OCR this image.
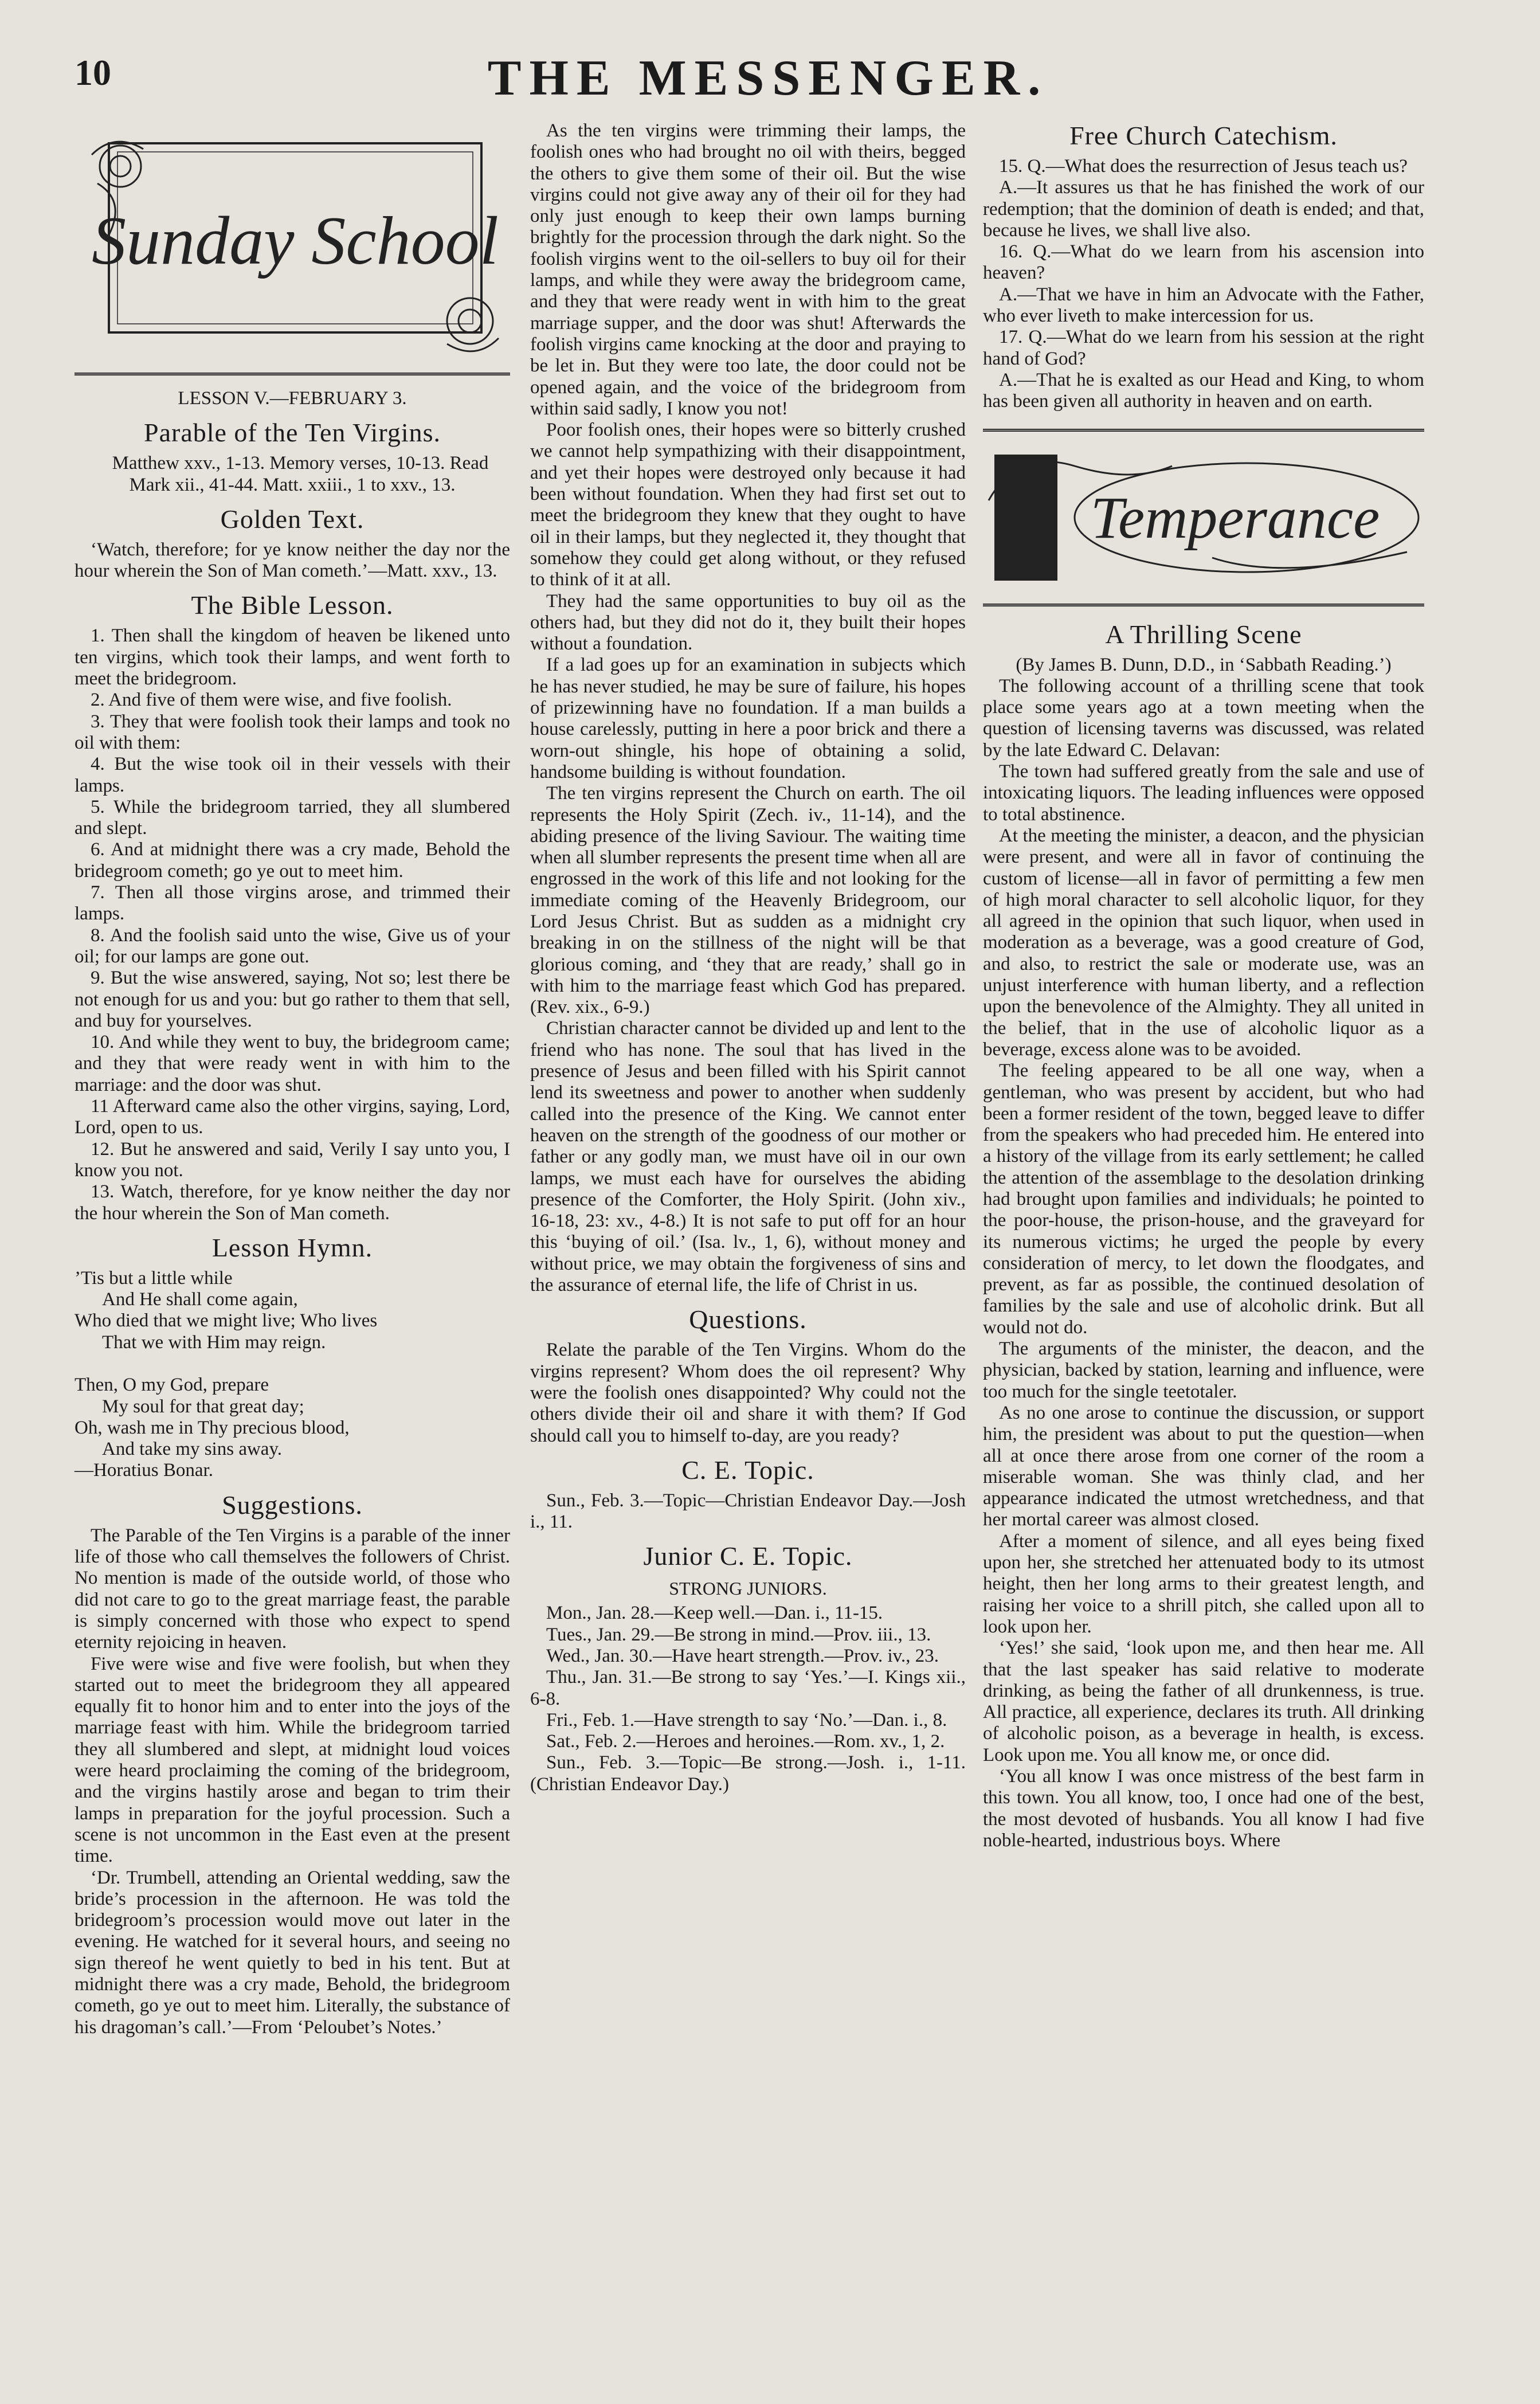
10	THE MESSENGER.
Sunday School

LESSON V.—FEBRUARY 3.

Parable of the Ten Virgins.

Matthew xxv., 1-13. Memory verses, 10-13. Read Mark xii., 41-44. Matt. xxiii., 1 to xxv., 13.

Golden Text.

‘Watch, therefore; for ye know neither the day nor the hour wherein the Son of Man cometh.’—Matt. xxv., 13.

The Bible Lesson.

1. Then shall the kingdom of heaven be likened unto ten virgins, which took their lamps, and went forth to meet the bridegroom.

2. And five of them were wise, and five foolish.

3. They that were foolish took their lamps and took no oil with them:

4. But the wise took oil in their vessels with their lamps.

5. While the bridegroom tarried, they all slumbered and slept.

6. And at midnight there was a cry made, Behold the bridegroom cometh; go ye out to meet him.

7. Then all those virgins arose, and trimmed their lamps.

8. And the foolish said unto the wise, Give us of your oil; for our lamps are gone out.

9. But the wise answered, saying, Not so; lest there be not enough for us and you: but go rather to them that sell, and buy for yourselves.

10. And while they went to buy, the bridegroom came; and they that were ready went in with him to the marriage: and the door was shut.

11 Afterward came also the other virgins, saying, Lord, Lord, open to us.

12. But he answered and said, Verily I say unto you, I know you not.

13. Watch, therefore, for ye know neither the day nor the hour wherein the Son of Man cometh.

Lesson Hymn.

’Tis but a little while

And He shall come again,

Who died that we might live; Who lives

That we with Him may reign.

Then, O my God, prepare

My soul for that great day;

Oh, wash me in Thy precious blood,

And take my sins away.

—Horatius Bonar.

Suggestions.

The Parable of the Ten Virgins is a parable of the inner life of those who call themselves the followers of Christ. No mention is made of the outside world, of those who did not care to go to the great marriage feast, the parable is simply concerned with those who expect to spend eternity rejoicing in heaven.

Five were wise and five were foolish, but when they started out to meet the bridegroom they all appeared equally fit to honor him and to enter into the joys of the marriage feast with him. While the bridegroom tarried they all slumbered and slept, at midnight loud voices were heard proclaiming the coming of the bridegroom, and the virgins hastily arose and began to trim their lamps in preparation for the joyful procession. Such a scene is not uncommon in the East even at the present time.

‘Dr. Trumbell, attending an Oriental wedding, saw the bride’s procession in the afternoon. He was told the bridegroom’s procession would move out later in the evening. He watched for it several hours, and seeing no sign thereof he went quietly to bed in his tent. But at midnight there was a cry made, Behold, the bridegroom cometh, go ye out to meet him. Literally, the substance of his dragoman’s call.’—From ‘Peloubet’s Notes.’

As the ten virgins were trimming their lamps, the foolish ones who had brought no oil with theirs, begged the others to give them some of their oil. But the wise virgins could not give away any of their oil for they had only just enough to keep their own lamps burning brightly for the procession through the dark night. So the foolish virgins went to the oil-sellers to buy oil for their lamps, and while they were away the bridegroom came, and they that were ready went in with him to the great marriage supper, and the door was shut! Afterwards the foolish virgins came knocking at the door and praying to be let in. But they were too late, the door could not be opened again, and the voice of the bridegroom from within said sadly, I know you not!

Poor foolish ones, their hopes were so bitterly crushed we cannot help sympathizing with their disappointment, and yet their hopes were destroyed only because it had been without foundation. When they had first set out to meet the bridegroom they knew that they ought to have oil in their lamps, but they neglected it, they thought that somehow they could get along without, or they refused to think of it at all.

They had the same opportunities to buy oil as the others had, but they did not do it, they built their hopes without a foundation.

If a lad goes up for an examination in subjects which he has never studied, he may be sure of failure, his hopes of prizewinning have no foundation. If a man builds a house carelessly, putting in here a poor brick and there a worn-out shingle, his hope of obtaining a solid, handsome building is without foundation.

The ten virgins represent the Church on earth. The oil represents the Holy Spirit (Zech. iv., 11-14), and the abiding presence of the living Saviour. The waiting time when all slumber represents the present time when all are engrossed in the work of this life and not looking for the immediate coming of the Heavenly Bridegroom, our Lord Jesus Christ. But as sudden as a midnight cry breaking in on the stillness of the night will be that glorious coming, and ‘they that are ready,’ shall go in with him to the marriage feast which God has prepared. (Rev. xix., 6-9.)

Christian character cannot be divided up and lent to the friend who has none. The soul that has lived in the presence of Jesus and been filled with his Spirit cannot lend its sweetness and power to another when suddenly called into the presence of the King. We cannot enter heaven on the strength of the goodness of our mother or father or any godly man, we must have oil in our own lamps, we must each have for ourselves the abiding presence of the Comforter, the Holy Spirit. (John xiv., 16-18, 23: xv., 4-8.) It is not safe to put off for an hour this ‘buying of oil.’ (Isa. lv., 1, 6), without money and without price, we may obtain the forgiveness of sins and the assurance of eternal life, the life of Christ in us.

Questions.

Relate the parable of the Ten Virgins. Whom do the virgins represent? Whom does the oil represent? Why were the foolish ones disappointed? Why could not the others divide their oil and share it with them? If God should call you to himself to-day, are you ready?

C. E. Topic.

Sun., Feb. 3.—Topic—Christian Endeavor Day.—Josh i., 11.

Junior C. E. Topic.
STRONG JUNIORS.

Mon., Jan. 28.—Keep well.—Dan. i., 11-15.

Tues., Jan. 29.—Be strong in mind.—Prov. iii., 13.

Wed., Jan. 30.—Have heart strength.—Prov. iv., 23.

Thu., Jan. 31.—Be strong to say ‘Yes.’—I. Kings xii., 6-8.

Fri., Feb. 1.—Have strength to say ‘No.’—Dan. i., 8.

Sat., Feb. 2.—Heroes and heroines.—Rom. xv., 1, 2.

Sun., Feb. 3.—Topic—Be strong.—Josh. i., 1-11. (Christian Endeavor Day.)

Free Church Catechism.

15. Q.—What does the resurrection of Jesus teach us?

A.—It assures us that he has finished the work of our redemption; that the dominion of death is ended; and that, because he lives, we shall live also.

16. Q.—What do we learn from his ascension into heaven?

A.—That we have in him an Advocate with the Father, who ever liveth to make intercession for us.

17. Q.—What do we learn from his session at the right hand of God?

A.—That he is exalted as our Head and King, to whom has been given all authority in heaven and on earth.

Temperance
A Thrilling Scene

(By James B. Dunn, D.D., in ‘Sabbath Reading.’)

The following account of a thrilling scene that took place some years ago at a town meeting when the question of licensing taverns was discussed, was related by the late Edward C. Delavan:

The town had suffered greatly from the sale and use of intoxicating liquors. The leading influences were opposed to total abstinence.

At the meeting the minister, a deacon, and the physician were present, and were all in favor of continuing the custom of license—all in favor of permitting a few men of high moral character to sell alcoholic liquor, for they all agreed in the opinion that such liquor, when used in moderation as a beverage, was a good creature of God, and also, to restrict the sale or moderate use, was an unjust interference with human liberty, and a reflection upon the benevolence of the Almighty. They all united in the belief, that in the use of alcoholic liquor as a beverage, excess alone was to be avoided.

The feeling appeared to be all one way, when a gentleman, who was present by accident, but who had been a former resident of the town, begged leave to differ from the speakers who had preceded him. He entered into a history of the village from its early settlement; he called the attention of the assemblage to the desolation drinking had brought upon families and individuals; he pointed to the poor-house, the prison-house, and the graveyard for its numerous victims; he urged the people by every consideration of mercy, to let down the floodgates, and prevent, as far as possible, the continued desolation of families by the sale and use of alcoholic drink. But all would not do.

The arguments of the minister, the deacon, and the physician, backed by station, learning and influence, were too much for the single teetotaler.

As no one arose to continue the discussion, or support him, the president was about to put the question—when all at once there arose from one corner of the room a miserable woman. She was thinly clad, and her appearance indicated the utmost wretchedness, and that her mortal career was almost closed.

After a moment of silence, and all eyes being fixed upon her, she stretched her attenuated body to its utmost height, then her long arms to their greatest length, and raising her voice to a shrill pitch, she called upon all to look upon her.

‘Yes!’ she said, ‘look upon me, and then hear me. All that the last speaker has said relative to moderate drinking, as being the father of all drunkenness, is true. All practice, all experience, declares its truth. All drinking of alcoholic poison, as a beverage in health, is excess. Look upon me. You all know me, or once did.

‘You all know I was once mistress of the best farm in this town. You all know, too, I once had one of the best, the most devoted of husbands. You all know I had five noble-hearted, industrious boys. Where
